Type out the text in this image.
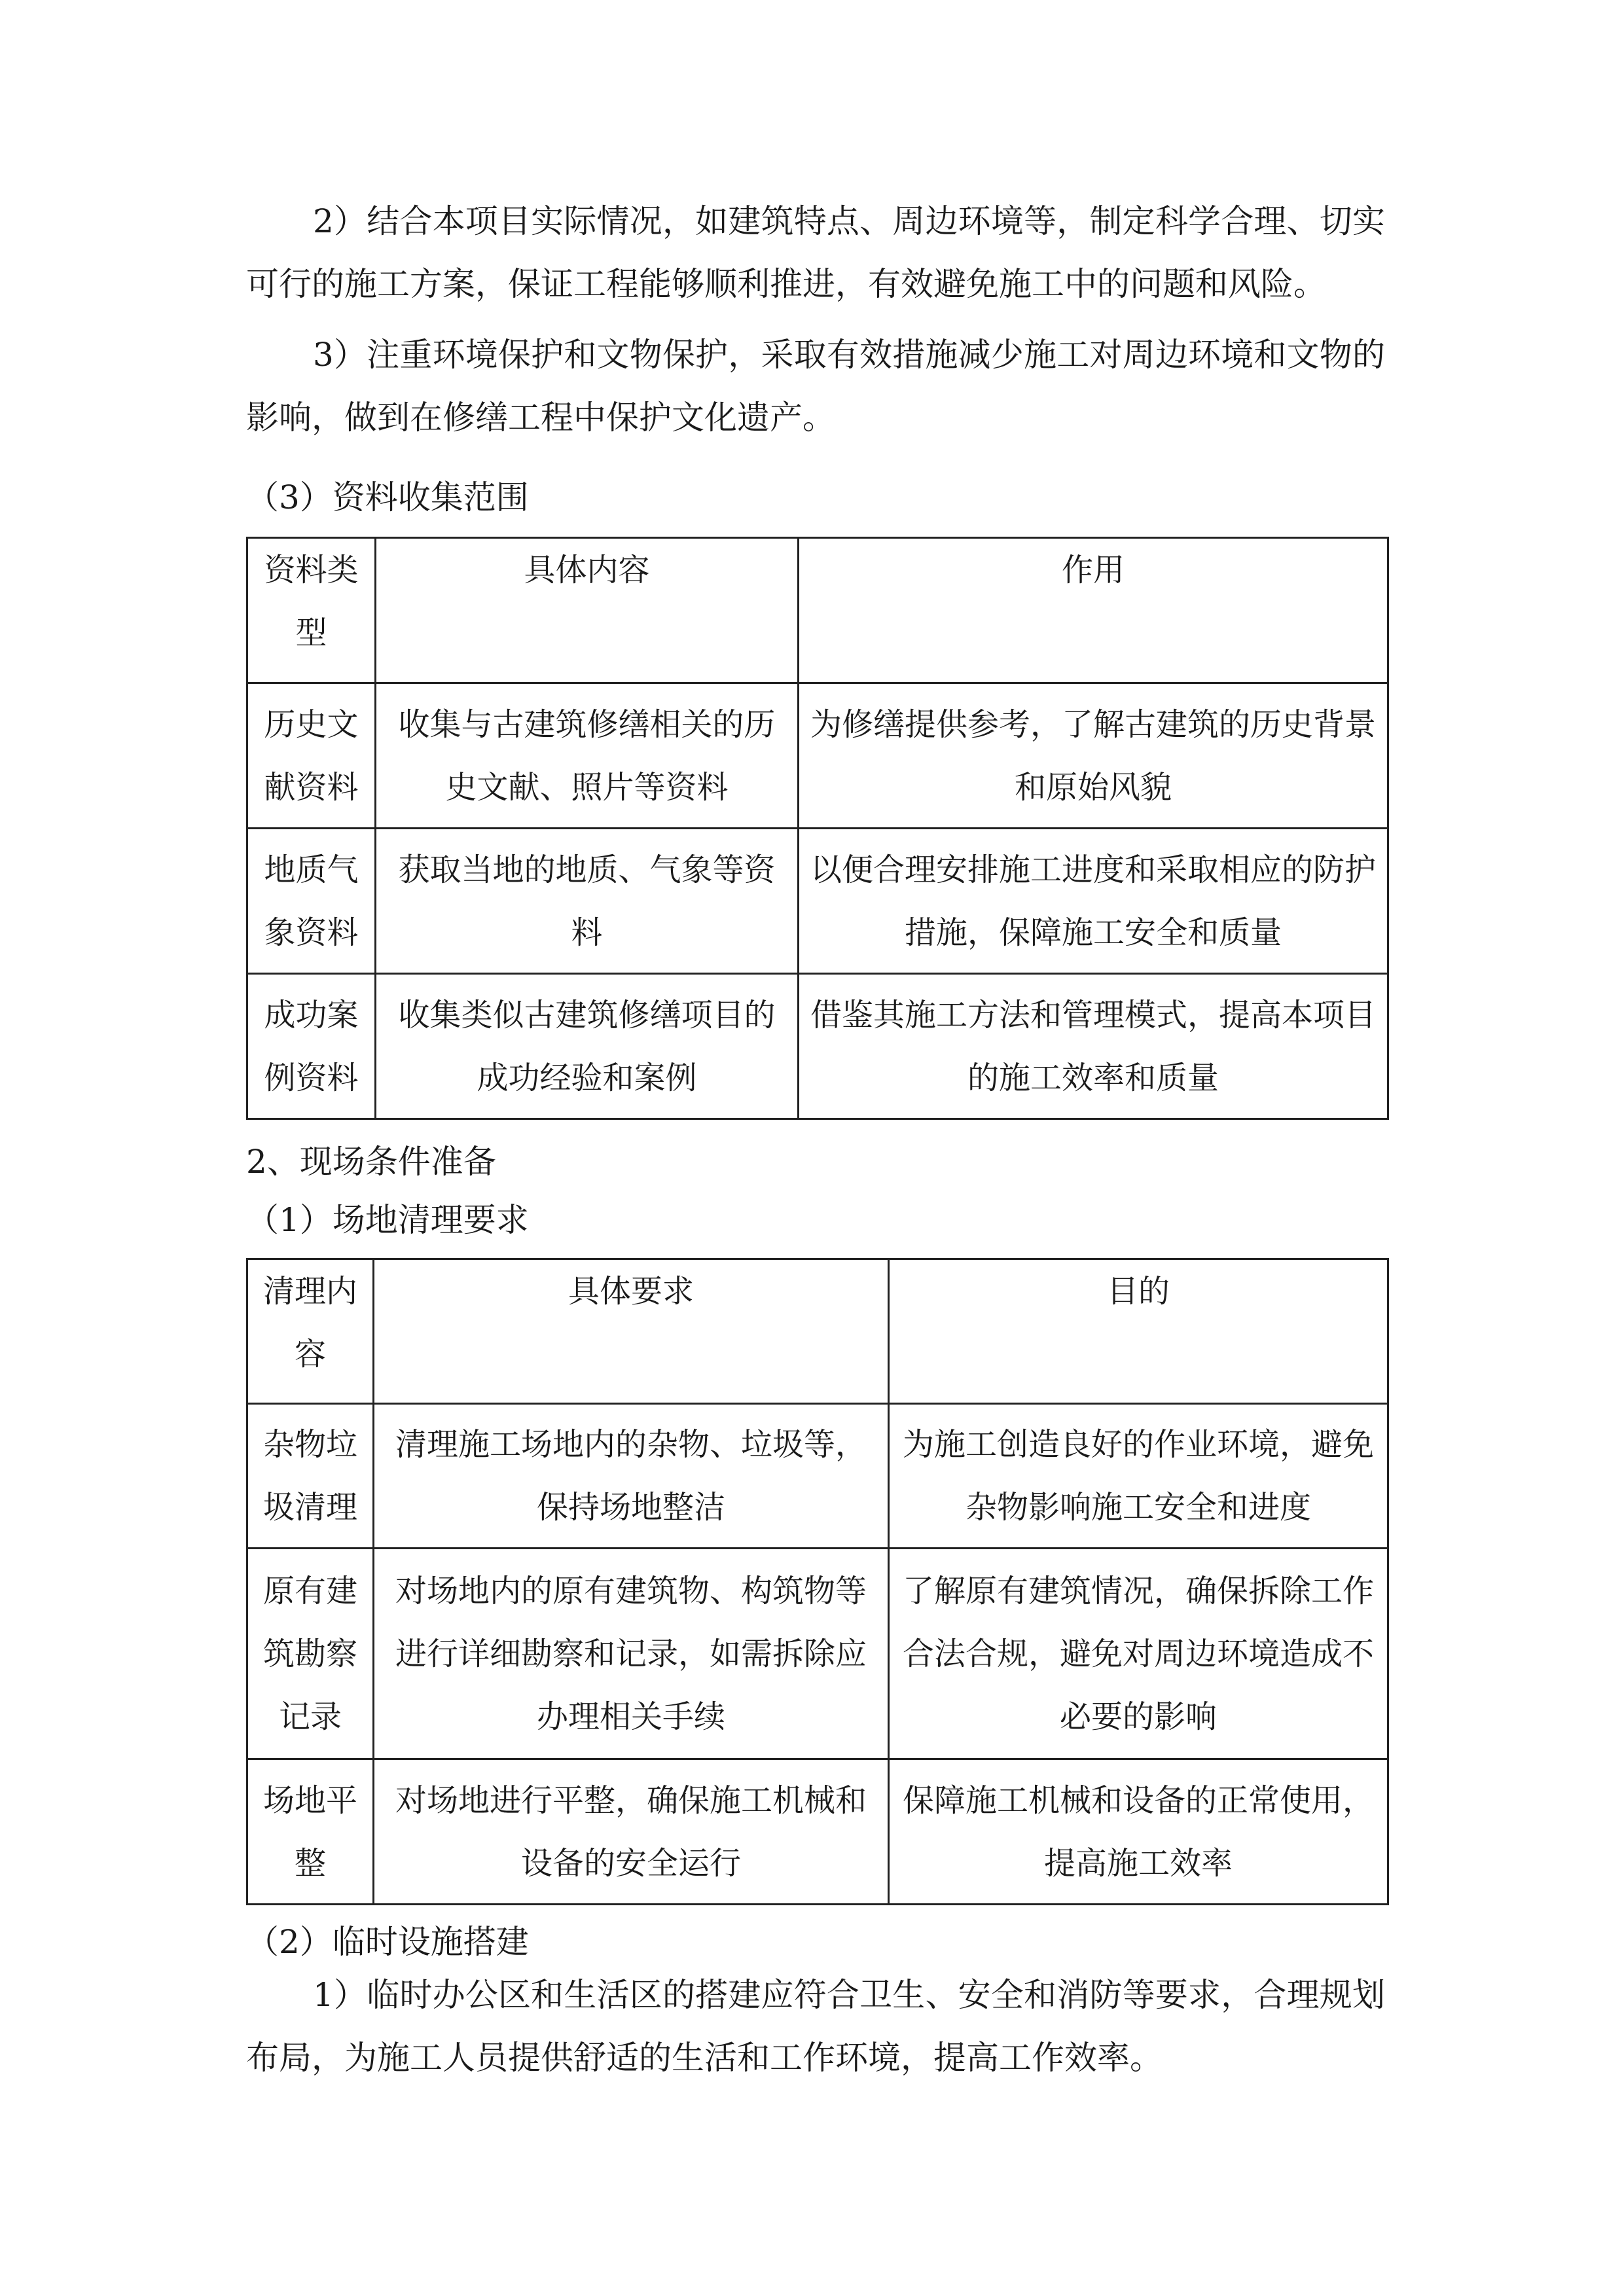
2）结合本项目实际情况，如建筑特点、周边环境等，制定科学合理、切实可行的施工方案，保证工程能够顺利推进，有效避免施工中的问题和风险。

3）注重环境保护和文物保护，采取有效措施减少施工对周边环境和文物的影响，做到在修缮工程中保护文化遗产。

（3）资料收集范围

资料类型	具体内容	作用
历史文献资料	收集与古建筑修缮相关的历史文献、照片等资料	为修缮提供参考，了解古建筑的历史背景和原始风貌
地质气象资料	获取当地的地质、气象等资料	以便合理安排施工进度和采取相应的防护措施，保障施工安全和质量
成功案例资料	收集类似古建筑修缮项目的成功经验和案例	借鉴其施工方法和管理模式，提高本项目的施工效率和质量

2、现场条件准备

（1）场地清理要求

清理内容	具体要求	目的
杂物垃圾清理	清理施工场地内的杂物、垃圾等，保持场地整洁	为施工创造良好的作业环境，避免杂物影响施工安全和进度
原有建筑勘察记录	对场地内的原有建筑物、构筑物等进行详细勘察和记录，如需拆除应办理相关手续	了解原有建筑情况，确保拆除工作合法合规，避免对周边环境造成不必要的影响
场地平整	对场地进行平整，确保施工机械和设备的安全运行	保障施工机械和设备的正常使用，提高施工效率

（2）临时设施搭建

1）临时办公区和生活区的搭建应符合卫生、安全和消防等要求，合理规划布局，为施工人员提供舒适的生活和工作环境，提高工作效率。
